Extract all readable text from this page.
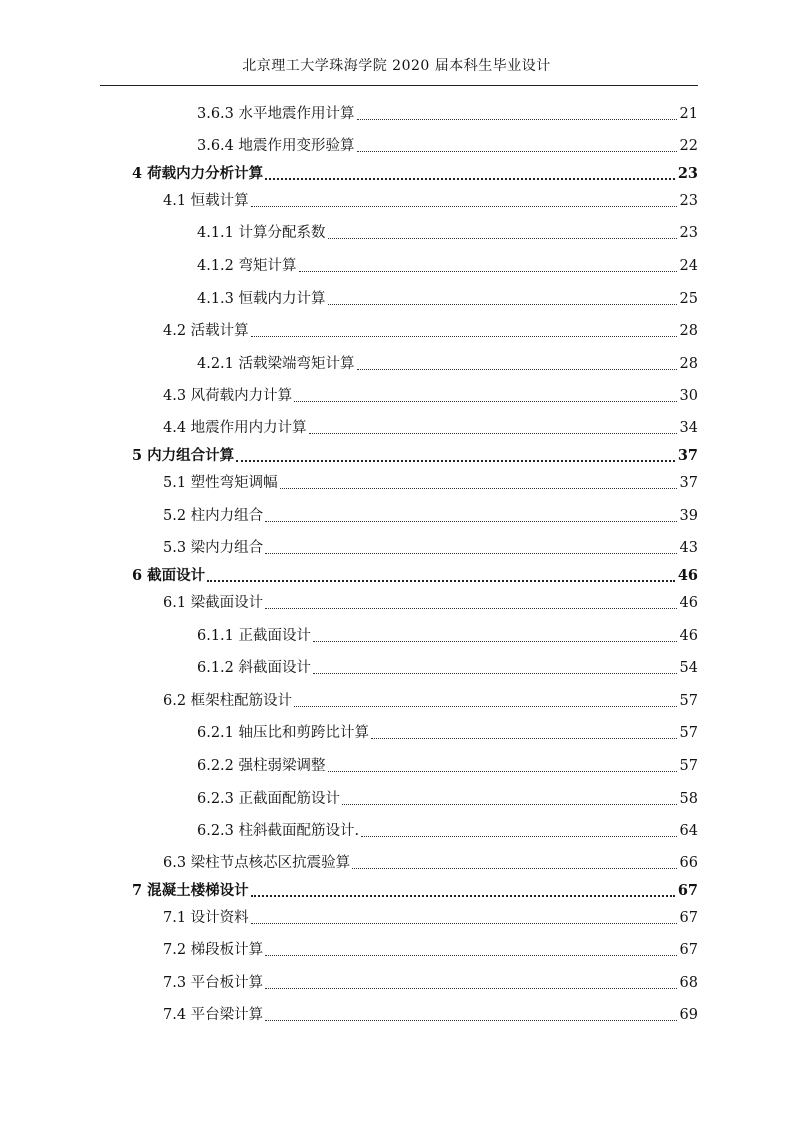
北京理工大学珠海学院 2020 届本科生毕业设计
3.6.3 水平地震作用计算	21
3.6.4 地震作用变形验算	22
4 荷载内力分析计算	23
4.1 恒载计算	23
4.1.1 计算分配系数	23
4.1.2 弯矩计算	24
4.1.3 恒载内力计算	25
4.2 活载计算	28
4.2.1 活载梁端弯矩计算	28
4.3 风荷载内力计算	30
4.4 地震作用内力计算	34
5 内力组合计算	37
5.1 塑性弯矩调幅	37
5.2 柱内力组合	39
5.3 梁内力组合	43
6 截面设计	46
6.1 梁截面设计	46
6.1.1 正截面设计	46
6.1.2 斜截面设计	54
6.2 框架柱配筋设计	57
6.2.1 轴压比和剪跨比计算	57
6.2.2 强柱弱梁调整	57
6.2.3 正截面配筋设计	58
6.2.3 柱斜截面配筋设计.	64
6.3 梁柱节点核芯区抗震验算	66
7 混凝土楼梯设计	67
7.1 设计资料	67
7.2 梯段板计算	67
7.3 平台板计算	68
7.4 平台梁计算	69
